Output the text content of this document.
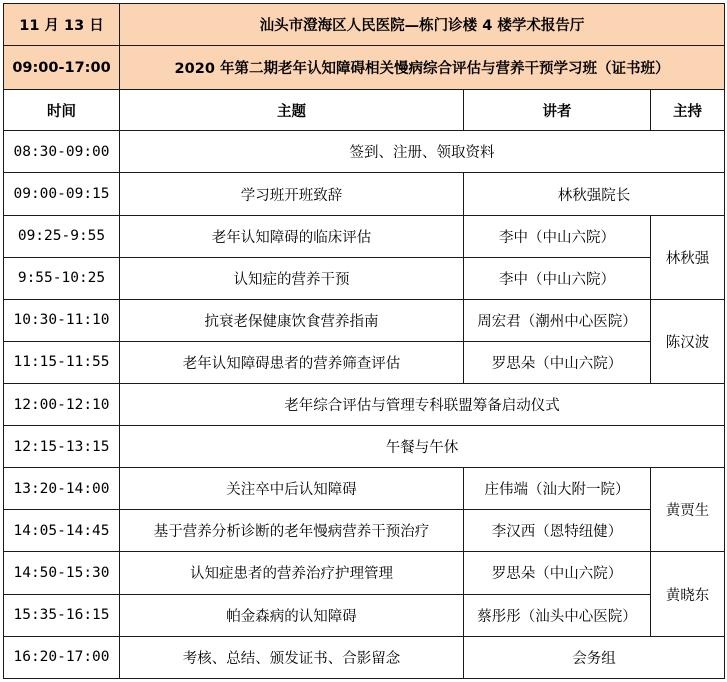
11 月 13 日	汕头市澄海区人民医院—栋门诊楼 4 楼学术报告厅		
09:00-17:00	2020 年第二期老年认知障碍相关慢病综合评估与营养干预学习班（证书班）		
时间	主题	讲者	主持
08:30-09:00	签到、注册、领取资料		
09:00-09:15	学习班开班致辞	林秋强院长	
09:25-9:55	老年认知障碍的临床评估	李中（中山六院）	林秋强
9:55-10:25	认知症的营养干预	李中（中山六院）	
10:30-11:10	抗衰老保健康饮食营养指南	周宏君（潮州中心医院）	陈汉波
11:15-11:55	老年认知障碍患者的营养筛查评估	罗思朵（中山六院）	
12:00-12:10	老年综合评估与管理专科联盟筹备启动仪式		
12:15-13:15	午餐与午休		
13:20-14:00	关注卒中后认知障碍	庄伟端（汕大附一院）	黄贾生
14:05-14:45	基于营养分析诊断的老年慢病营养干预治疗	李汉西（恩特纽健）	
14:50-15:30	认知症患者的营养治疗护理管理	罗思朵（中山六院）	黄晓东
15:35-16:15	帕金森病的认知障碍	蔡彤彤（汕头中心医院）	
16:20-17:00	考核、总结、颁发证书、合影留念	会务组	
